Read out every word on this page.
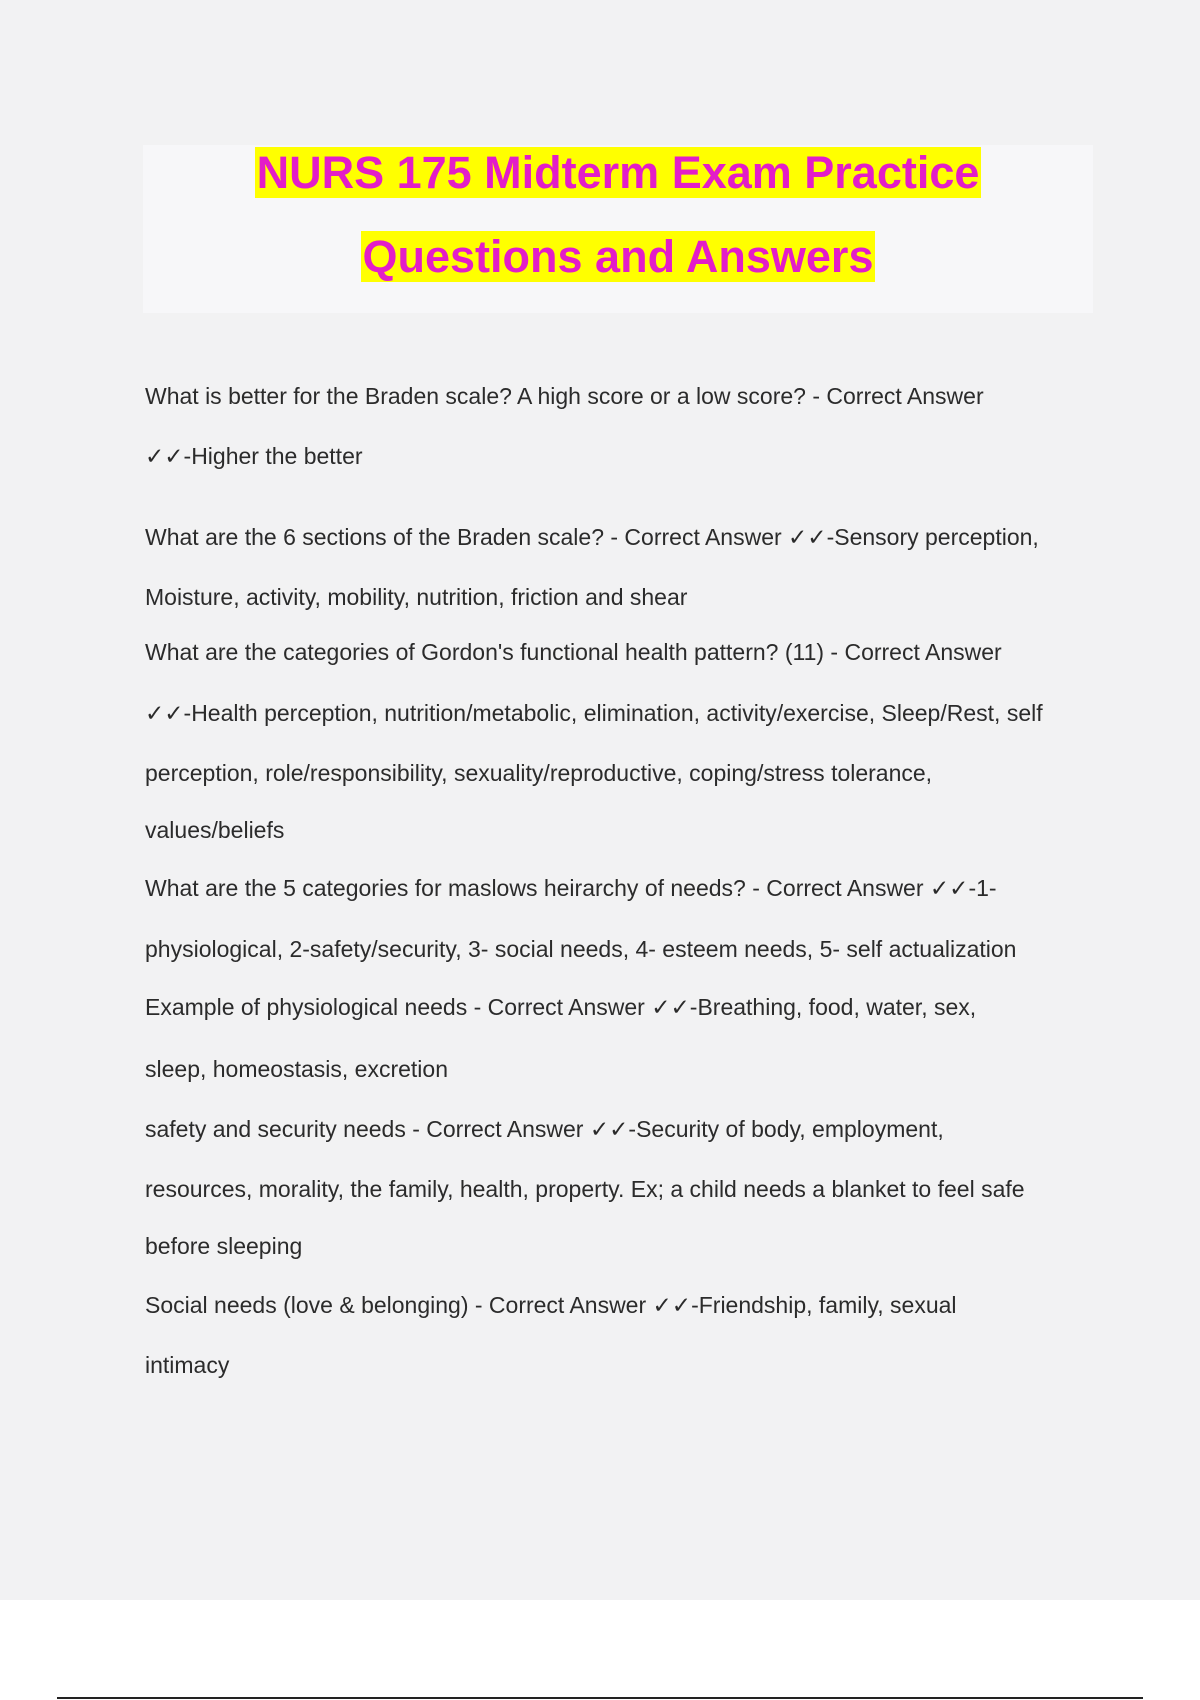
NURS 175 Midterm Exam Practice
Questions and Answers
What is better for the Braden scale? A high score or a low score? - Correct Answer
✓✓-Higher the better
What are the 6 sections of the Braden scale? - Correct Answer ✓✓-Sensory perception,
Moisture, activity, mobility, nutrition, friction and shear
What are the categories of Gordon's functional health pattern? (11) - Correct Answer
✓✓-Health perception, nutrition/metabolic, elimination, activity/exercise, Sleep/Rest, self
perception, role/responsibility, sexuality/reproductive, coping/stress tolerance,
values/beliefs
What are the 5 categories for maslows heirarchy of needs? - Correct Answer ✓✓-1-
physiological, 2-safety/security, 3- social needs, 4- esteem needs, 5- self actualization
Example of physiological needs - Correct Answer ✓✓-Breathing, food, water, sex,
sleep, homeostasis, excretion
safety and security needs - Correct Answer ✓✓-Security of body, employment,
resources, morality, the family, health, property. Ex; a child needs a blanket to feel safe
before sleeping
Social needs (love & belonging) - Correct Answer ✓✓-Friendship, family, sexual
intimacy
